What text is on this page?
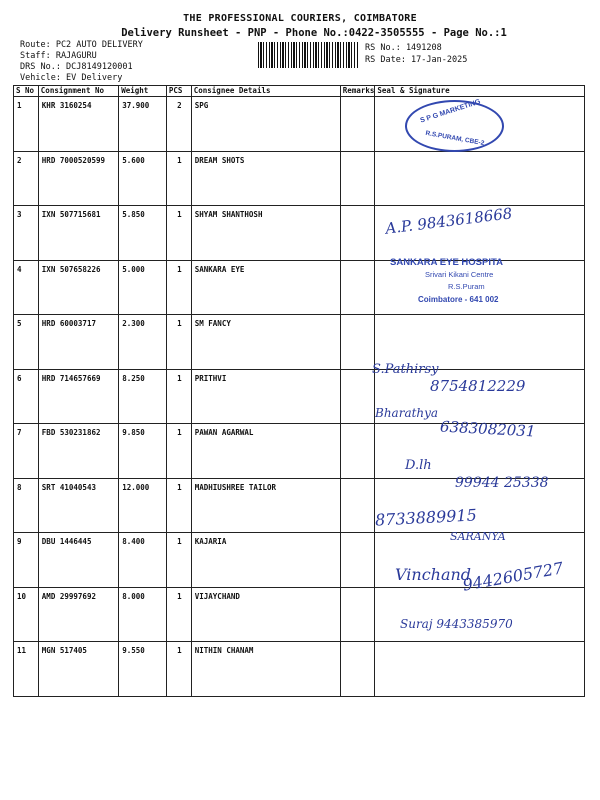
THE PROFESSIONAL COURIERS, COIMBATORE
Delivery Runsheet - PNP - Phone No.:0422-3505555 - Page No.:1
Route: PC2 AUTO DELIVERY
Staff: RAJAGURU
DRS No.: DCJ8149120001
Vehicle: EV Delivery
RS No.: 1491208
RS Date: 17-Jan-2025
S No	Consignment No	Weight	PCS	Consignee Details	Remarks	Seal & Signature
1	KHR 3160254	37.900	2	SPG		
2	HRD 7000520599	5.600	1	DREAM SHOTS		
3	IXN 507715681	5.850	1	SHYAM SHANTHOSH		
4	IXN 507658226	5.000	1	SANKARA EYE		
5	HRD 60003717	2.300	1	SM FANCY		
6	HRD 714657669	8.250	1	PRITHVI		
7	FBD 530231862	9.850	1	PAWAN AGARWAL		
8	SRT 41040543	12.000	1	MADHIUSHREE TAILOR		
9	DBU 1446445	8.400	1	KAJARIA		
10	AMD 29997692	8.000	1	VIJAYCHAND		
11	MGN 517405	9.550	1	NITHIN CHANAM		
S P G MARKETING
R.S.PURAM, CBE-2
SANKARA EYE HOSPITA
Srivari Kikani Centre
R.S.Puram
Coimbatore - 641 002
A.P. 9843618668
S.Pathirsy
8754812229
Bharathya
6383082031
D.lh
99944 25338
8733889915
SARANYA
Vinchand
9442605727
Suraj 9443385970
